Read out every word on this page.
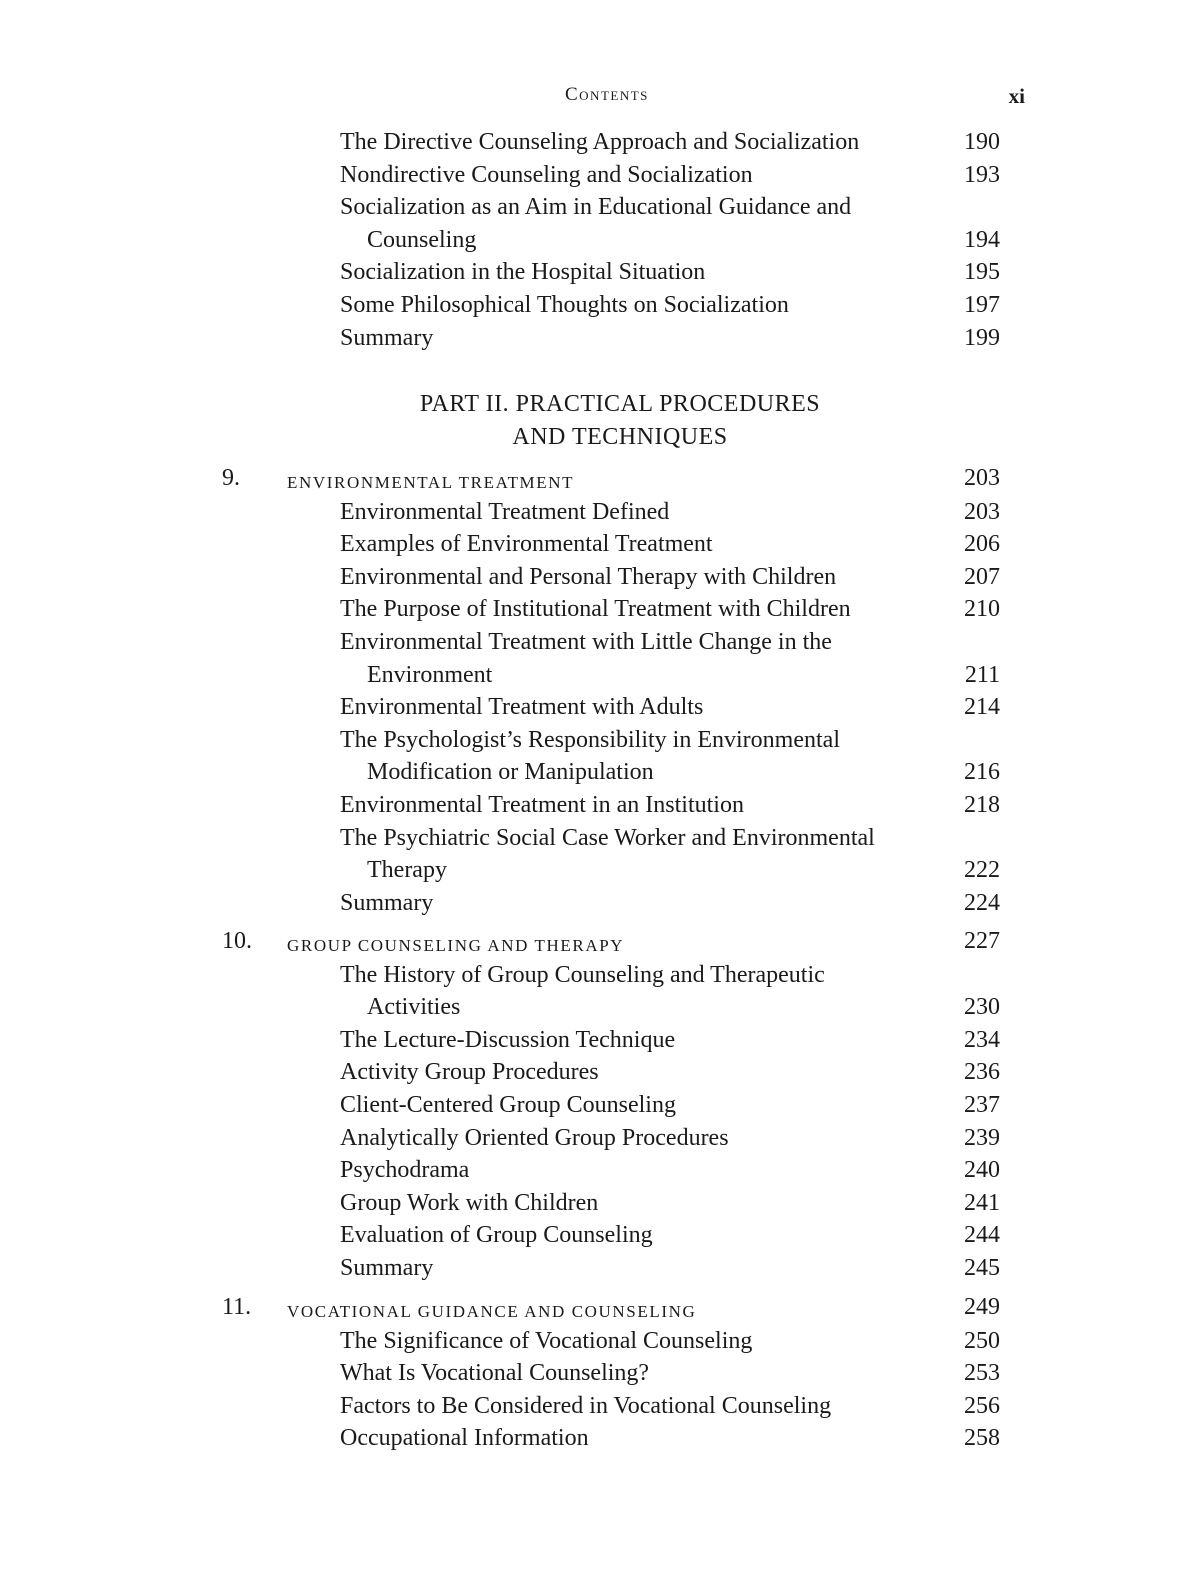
Contents	xi
The Directive Counseling Approach and Socialization	190
Nondirective Counseling and Socialization	193
Socialization as an Aim in Educational Guidance and
Counseling	194
Socialization in the Hospital Situation	195
Some Philosophical Thoughts on Socialization	197
Summary	199
PART II. PRACTICAL PROCEDURES
AND TECHNIQUES
9.	ENVIRONMENTAL TREATMENT	203
Environmental Treatment Defined	203
Examples of Environmental Treatment	206
Environmental and Personal Therapy with Children	207
The Purpose of Institutional Treatment with Children	210
Environmental Treatment with Little Change in the
Environment	211
Environmental Treatment with Adults	214
The Psychologist’s Responsibility in Environmental
Modification or Manipulation	216
Environmental Treatment in an Institution	218
The Psychiatric Social Case Worker and Environmental
Therapy	222
Summary	224
10. GROUP COUNSELING AND THERAPY	227
The History of Group Counseling and Therapeutic
Activities	230
The Lecture-Discussion Technique	234
Activity Group Procedures	236
Client-Centered Group Counseling	237
Analytically Oriented Group Procedures	239
Psychodrama	240
Group Work with Children	241
Evaluation of Group Counseling	244
Summary	245
11. VOCATIONAL GUIDANCE AND COUNSELING	249
The Significance of Vocational Counseling	250
What Is Vocational Counseling?	253
Factors to Be Considered in Vocational Counseling	256
Occupational Information	258
